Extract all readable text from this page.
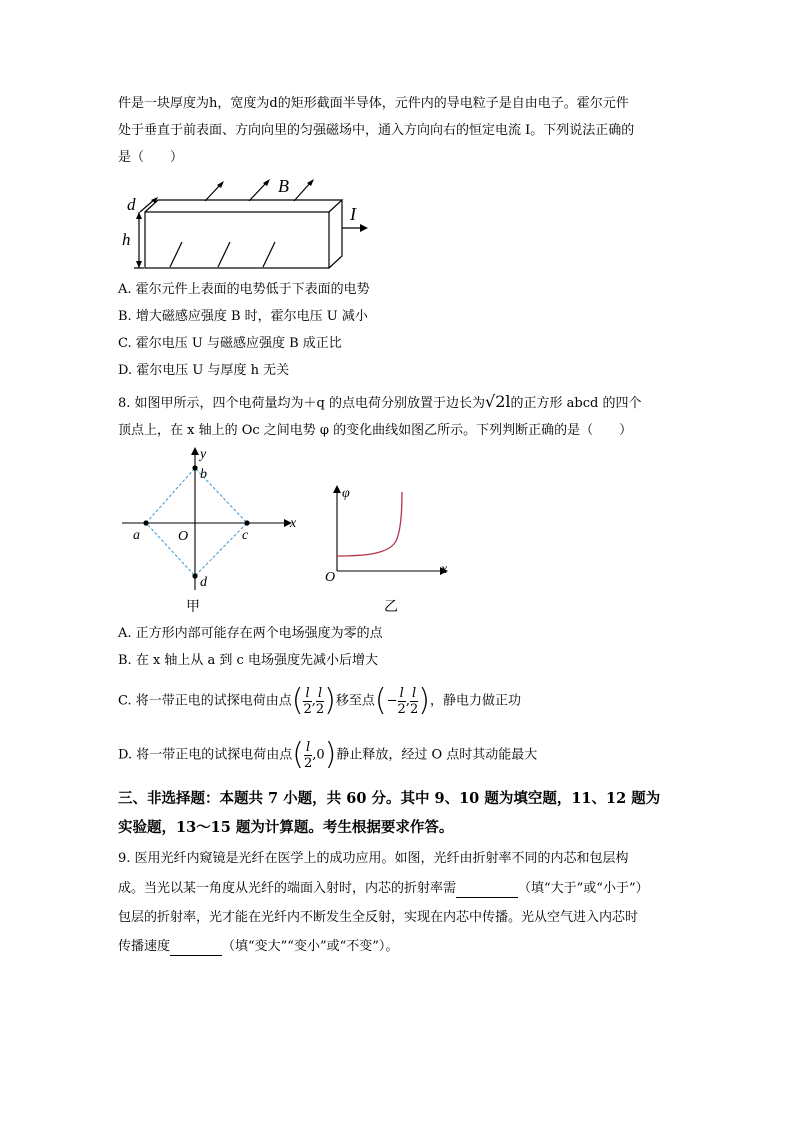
件是一块厚度为h，宽度为d的矩形截面半导体，元件内的导电粒子是自由电子。霍尔元件
处于垂直于前表面、方向向里的匀强磁场中，通入方向向右的恒定电流 I。下列说法正确的
是（　　）
d
h
B
I
A. 霍尔元件上表面的电势低于下表面的电势
B. 增大磁感应强度 B 时，霍尔电压 U 减小
C. 霍尔电压 U 与磁感应强度 B 成正比
D. 霍尔电压 U 与厚度 h 无关
8. 如图甲所示，四个电荷量均为＋q 的点电荷分别放置于边长为√2l的正方形 abcd 的四个
顶点上，在 x 轴上的 Oc 之间电势 φ 的变化曲线如图乙所示。下列判断正确的是（　　）
y
b
x
a	O	c
d
甲
φ
x
O
乙
A. 正方形内部可能存在两个电场强度为零的点
B. 在 x 轴上从 a 到 c 电场强度先减小后增大
C. 将一带正电的试探电荷由点( $\frac{l}{2}$ , $\frac{l}{2}$ )移至点(− $\frac{l}{2}$ , $\frac{l}{2}$ )，静电力做正功
D. 将一带正电的试探电荷由点( $\frac{l}{2} ,0$)静止释放，经过 O 点时其动能最大
三、非选择题：本题共 7 小题，共 60 分。其中 9、10 题为填空题，11、12 题为
实验题，13～15 题为计算题。考生根据要求作答。
9. 医用光纤内窥镜是光纤在医学上的成功应用。如图，光纤由折射率不同的内芯和包层构
成。当光以某一角度从光纤的端面入射时，内芯的折射率需	（填“大于”或“小于”）
包层的折射率，光才能在光纤内不断发生全反射，实现在内芯中传播。光从空气进入内芯时
传播速度	（填“变大”“变小”或“不变”）。
